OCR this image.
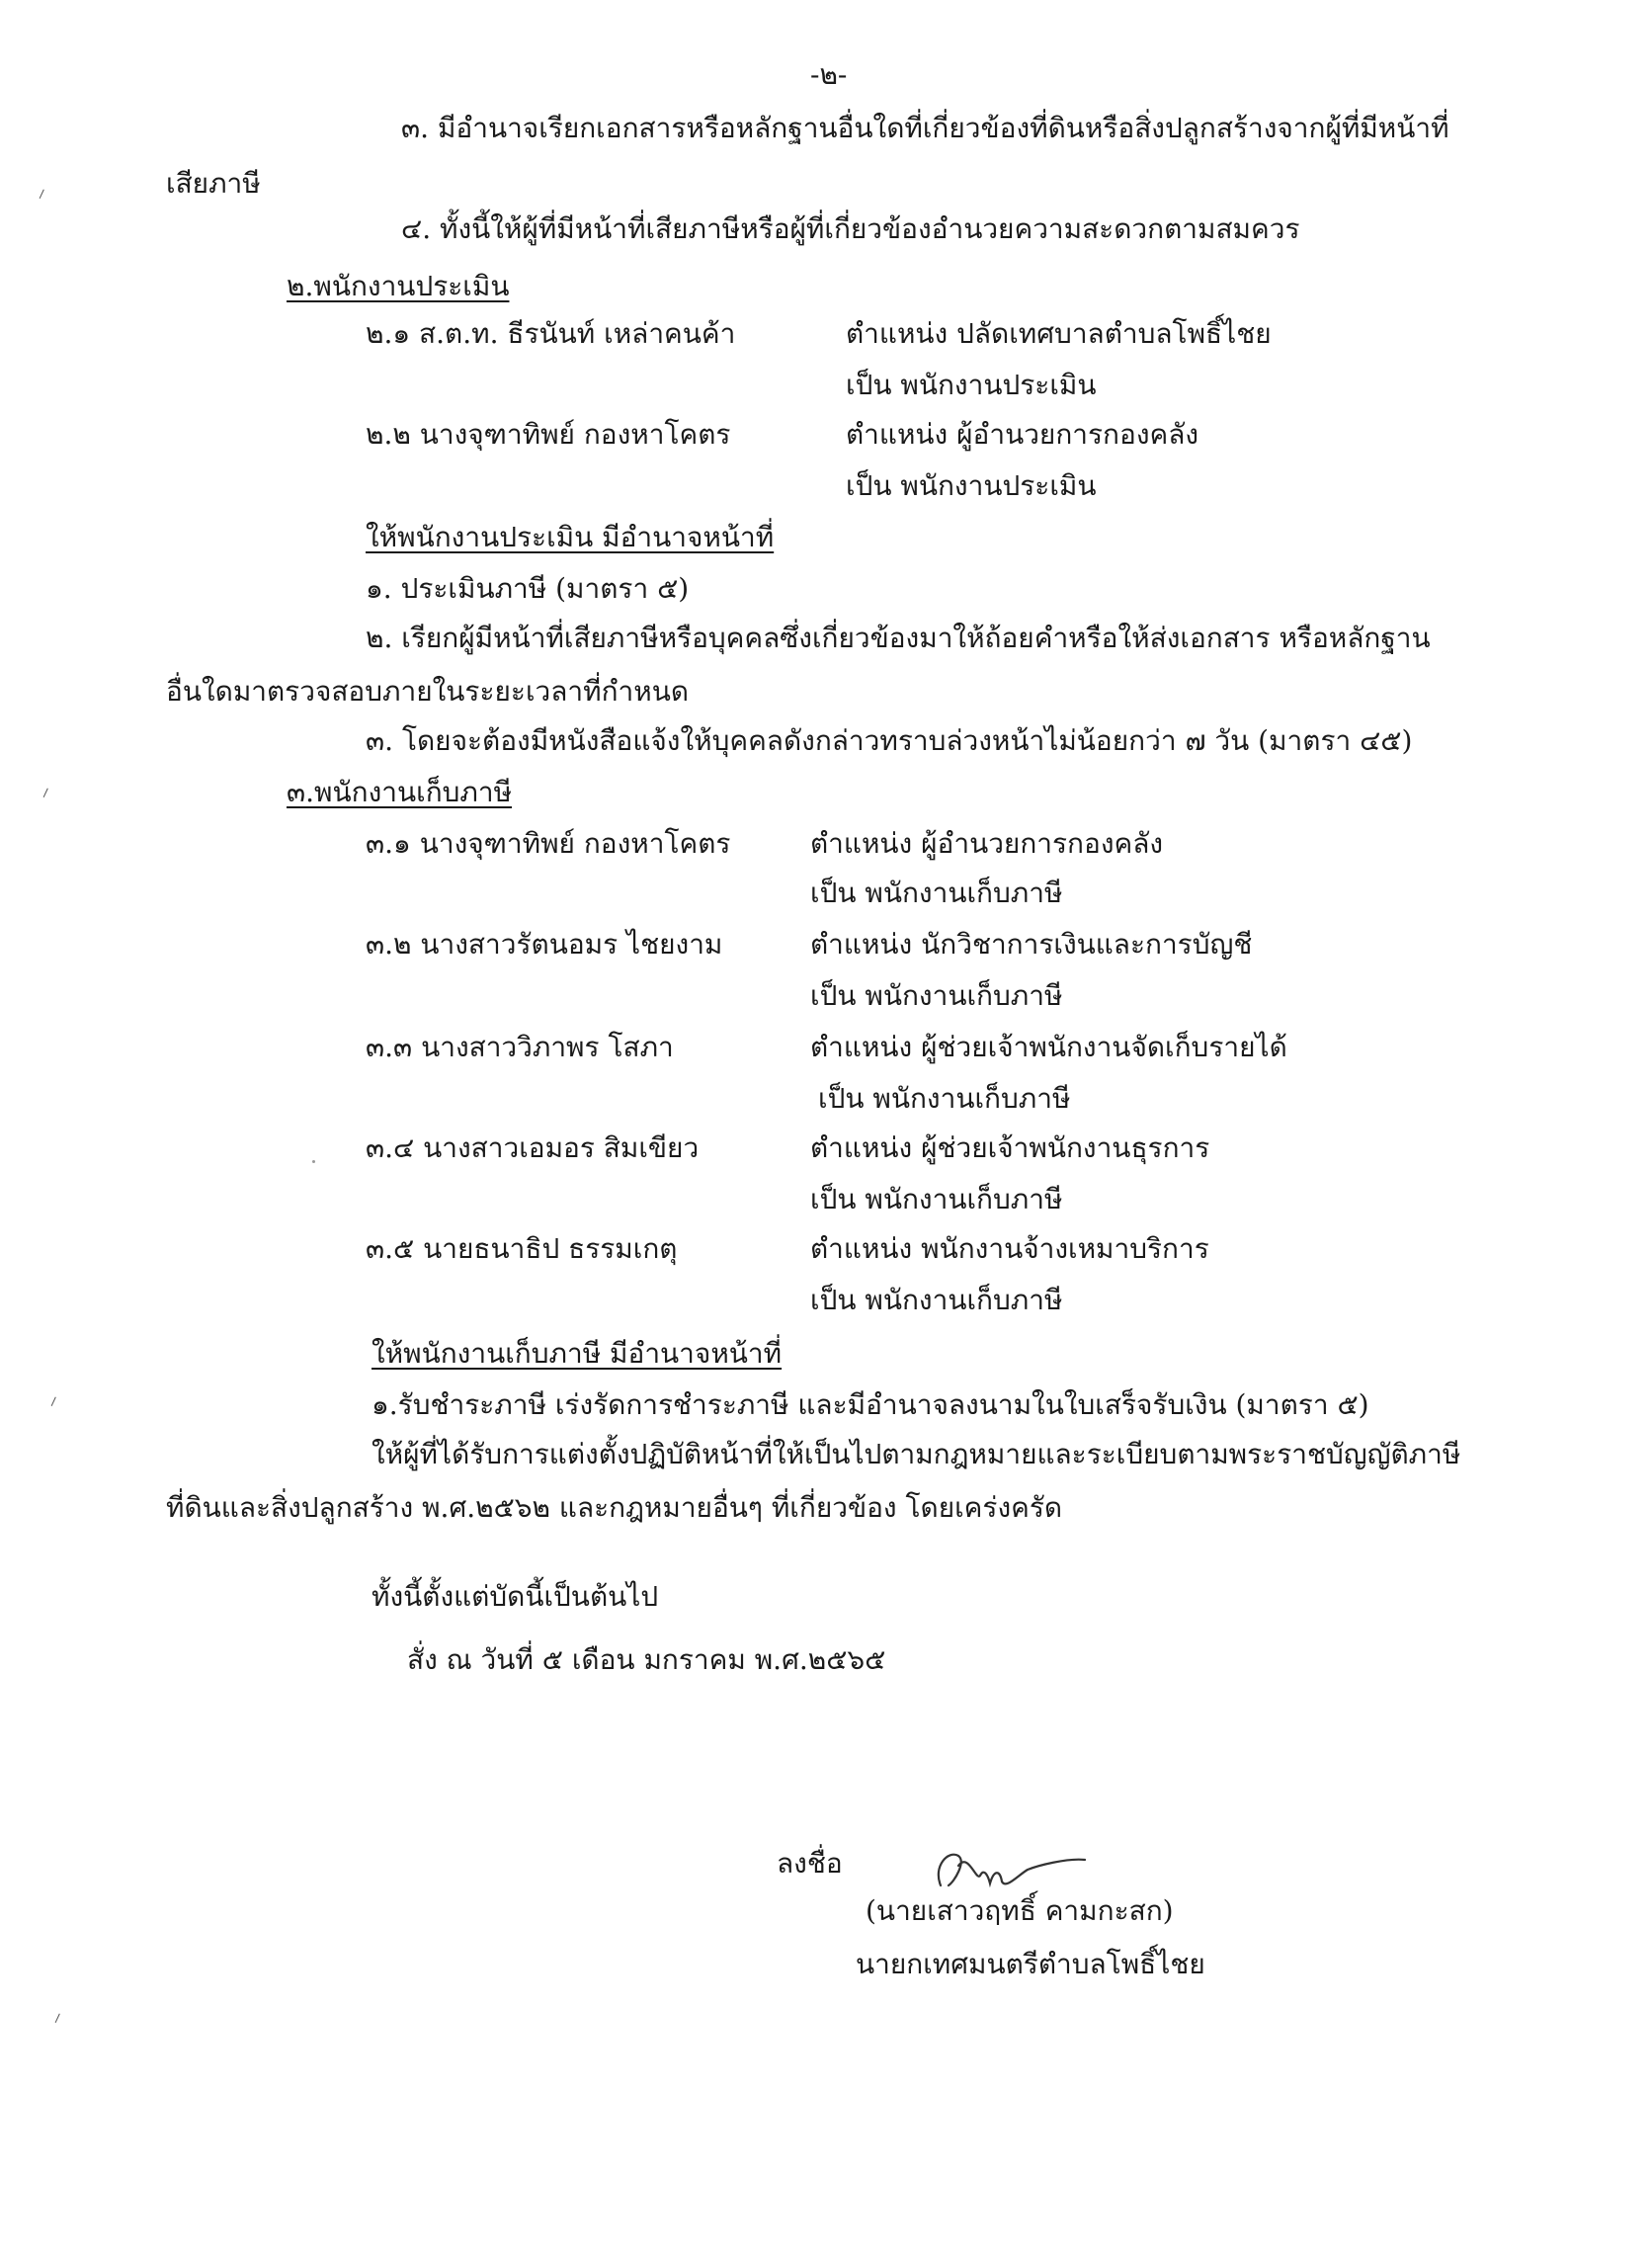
-๒-
๓. มีอำนาจเรียกเอกสารหรือหลักฐานอื่นใดที่เกี่ยวข้องที่ดินหรือสิ่งปลูกสร้างจากผู้ที่มีหน้าที่
เสียภาษี
๔. ทั้งนี้ให้ผู้ที่มีหน้าที่เสียภาษีหรือผู้ที่เกี่ยวข้องอำนวยความสะดวกตามสมควร
๒.พนักงานประเมิน
๒.๑ ส.ต.ท. ธีรนันท์ เหล่าคนค้า	ตำแหน่ง ปลัดเทศบาลตำบลโพธิ์ไชย
เป็น พนักงานประเมิน
๒.๒ นางจุฑาทิพย์ กองหาโคตร	ตำแหน่ง ผู้อำนวยการกองคลัง
เป็น พนักงานประเมิน
ให้พนักงานประเมิน มีอำนาจหน้าที่
๑. ประเมินภาษี (มาตรา ๕)
๒. เรียกผู้มีหน้าที่เสียภาษีหรือบุคคลซึ่งเกี่ยวข้องมาให้ถ้อยคำหรือให้ส่งเอกสาร หรือหลักฐาน
อื่นใดมาตรวจสอบภายในระยะเวลาที่กำหนด
๓. โดยจะต้องมีหนังสือแจ้งให้บุคคลดังกล่าวทราบล่วงหน้าไม่น้อยกว่า ๗ วัน (มาตรา ๔๕)
๓.พนักงานเก็บภาษี
๓.๑ นางจุฑาทิพย์ กองหาโคตร	ตำแหน่ง ผู้อำนวยการกองคลัง
เป็น พนักงานเก็บภาษี
๓.๒ นางสาวรัตนอมร ไชยงาม	ตำแหน่ง นักวิชาการเงินและการบัญชี
เป็น พนักงานเก็บภาษี
๓.๓ นางสาววิภาพร โสภา	ตำแหน่ง ผู้ช่วยเจ้าพนักงานจัดเก็บรายได้
เป็น พนักงานเก็บภาษี
๓.๔ นางสาวเอมอร สิมเขียว	ตำแหน่ง ผู้ช่วยเจ้าพนักงานธุรการ
เป็น พนักงานเก็บภาษี
๓.๕ นายธนาธิป ธรรมเกตุ	ตำแหน่ง พนักงานจ้างเหมาบริการ
เป็น พนักงานเก็บภาษี
ให้พนักงานเก็บภาษี มีอำนาจหน้าที่
๑.รับชำระภาษี เร่งรัดการชำระภาษี และมีอำนาจลงนามในใบเสร็จรับเงิน (มาตรา ๕)
ให้ผู้ที่ได้รับการแต่งตั้งปฏิบัติหน้าที่ให้เป็นไปตามกฎหมายและระเบียบตามพระราชบัญญัติภาษี
ที่ดินและสิ่งปลูกสร้าง พ.ศ.๒๕๖๒ และกฎหมายอื่นๆ ที่เกี่ยวข้อง โดยเคร่งครัด
ทั้งนี้ตั้งแต่บัดนี้เป็นต้นไป
สั่ง ณ วันที่ ๕ เดือน มกราคม พ.ศ.๒๕๖๕
ลงชื่อ
(นายเสาวฤทธิ์ คามกะสก)
นายกเทศมนตรีตำบลโพธิ์ไชย
